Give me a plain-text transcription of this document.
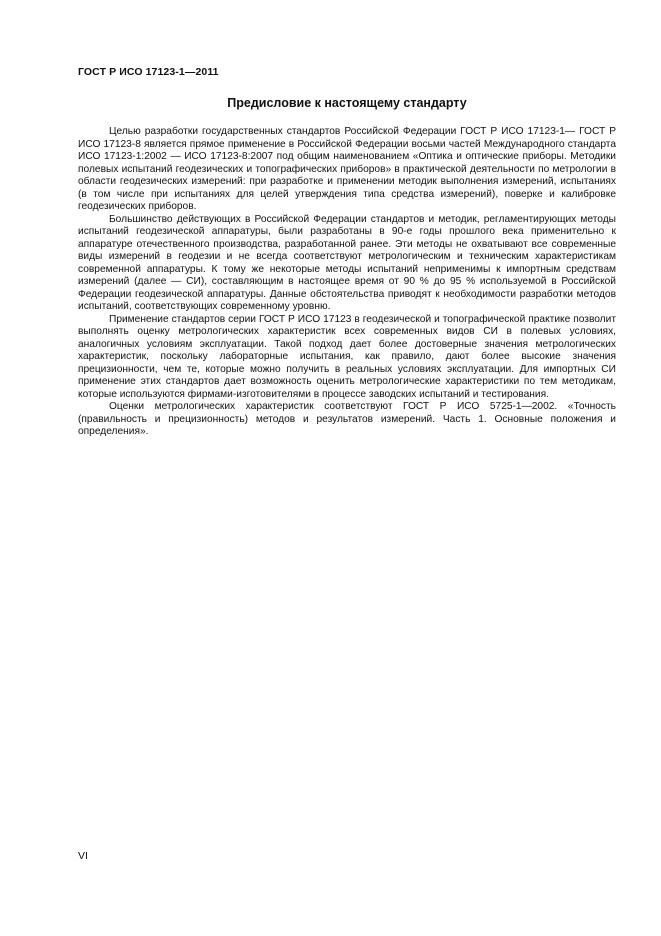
ГОСТ Р ИСО 17123-1—2011
Предисловие к настоящему стандарту

Целью разработки государственных стандартов Российской Федерации ГОСТ Р ИСО 17123-1— ГОСТ Р ИСО 17123-8 является прямое применение в Российской Федерации восьми частей Международного стандарта ИСО 17123-1:2002 — ИСО 17123-8:2007 под общим наименованием «Оптика и оптические приборы. Методики полевых испытаний геодезических и топографических приборов» в практической деятельности по метрологии в области геодезических измерений: при разработке и применении методик выполнения измерений, испытаниях (в том числе при испытаниях для целей утверждения типа средства измерений), поверке и калибровке геодезических приборов.

Большинство действующих в Российской Федерации стандартов и методик, регламентирующих методы испытаний геодезической аппаратуры, были разработаны в 90-е годы прошлого века применительно к аппаратуре отечественного производства, разработанной ранее. Эти методы не охватывают все современные виды измерений в геодезии и не всегда соответствуют метрологическим и техническим характеристикам современной аппаратуры. К тому же некоторые методы испытаний неприменимы к импортным средствам измерений (далее — СИ), составляющим в настоящее время от 90 % до 95 % используемой в Российской Федерации геодезической аппаратуры. Данные обстоятельства приводят к необходимости разработки методов испытаний, соответствующих современному уровню.

Применение стандартов серии ГОСТ Р ИСО 17123 в геодезической и топографической практике позволит выполнять оценку метрологических характеристик всех современных видов СИ в полевых условиях, аналогичных условиям эксплуатации. Такой подход дает более достоверные значения метрологических характеристик, поскольку лабораторные испытания, как правило, дают более высокие значения прецизионности, чем те, которые можно получить в реальных условиях эксплуатации. Для импортных СИ применение этих стандартов дает возможность оценить метрологические характеристики по тем методикам, которые используются фирмами-изготовителями в процессе заводских испытаний и тестирования.

Оценки метрологических характеристик соответствуют ГОСТ Р ИСО 5725-1—2002. «Точность (правильность и прецизионность) методов и результатов измерений. Часть 1. Основные положения и определения».

VI
